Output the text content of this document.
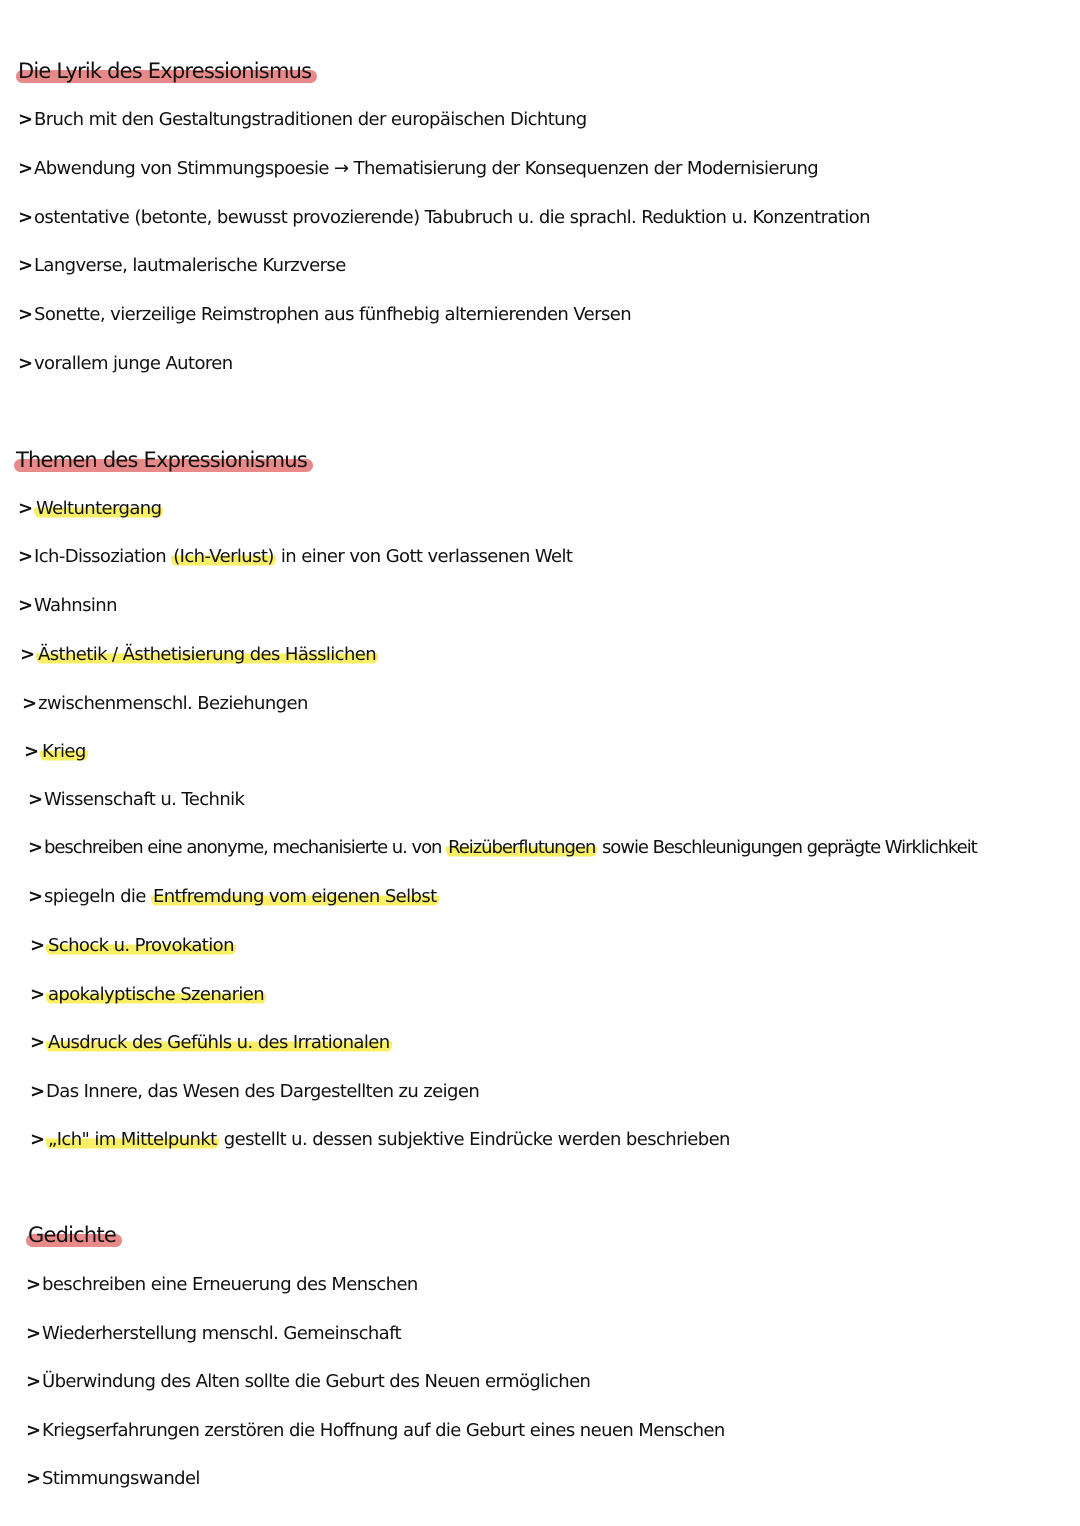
Die Lyrik des Expressionismus
>Bruch mit den Gestaltungstraditionen der europäischen Dichtung
>Abwendung von Stimmungspoesie → Thematisierung der Konsequenzen der Modernisierung
>ostentative (betonte, bewusst provozierende) Tabubruch u. die sprachl. Reduktion u. Konzentration
>Langverse, lautmalerische Kurzverse
>Sonette, vierzeilige Reimstrophen aus fünfhebig alternierenden Versen
>vorallem junge Autoren
Themen des Expressionismus
> Weltuntergang
>Ich-Dissoziation (Ich-Verlust) in einer von Gott verlassenen Welt
>Wahnsinn
> Ästhetik / Ästhetisierung des Hässlichen
>zwischenmenschl. Beziehungen
> Krieg
>Wissenschaft u. Technik
> beschreiben eine anonyme, mechanisierte u. von Reizüberflutungen sowie Beschleunigungen geprägte Wirklichkeit
>spiegeln die Entfremdung vom eigenen Selbst
> Schock u. Provokation
> apokalyptische Szenarien
> Ausdruck des Gefühls u. des Irrationalen
>Das Innere, das Wesen des Dargestellten zu zeigen
> „Ich" im Mittelpunkt gestellt u. dessen subjektive Eindrücke werden beschrieben
Gedichte
>beschreiben eine Erneuerung des Menschen
>Wiederherstellung menschl. Gemeinschaft
>Überwindung des Alten sollte die Geburt des Neuen ermöglichen
>Kriegserfahrungen zerstören die Hoffnung auf die Geburt eines neuen Menschen
>Stimmungswandel
